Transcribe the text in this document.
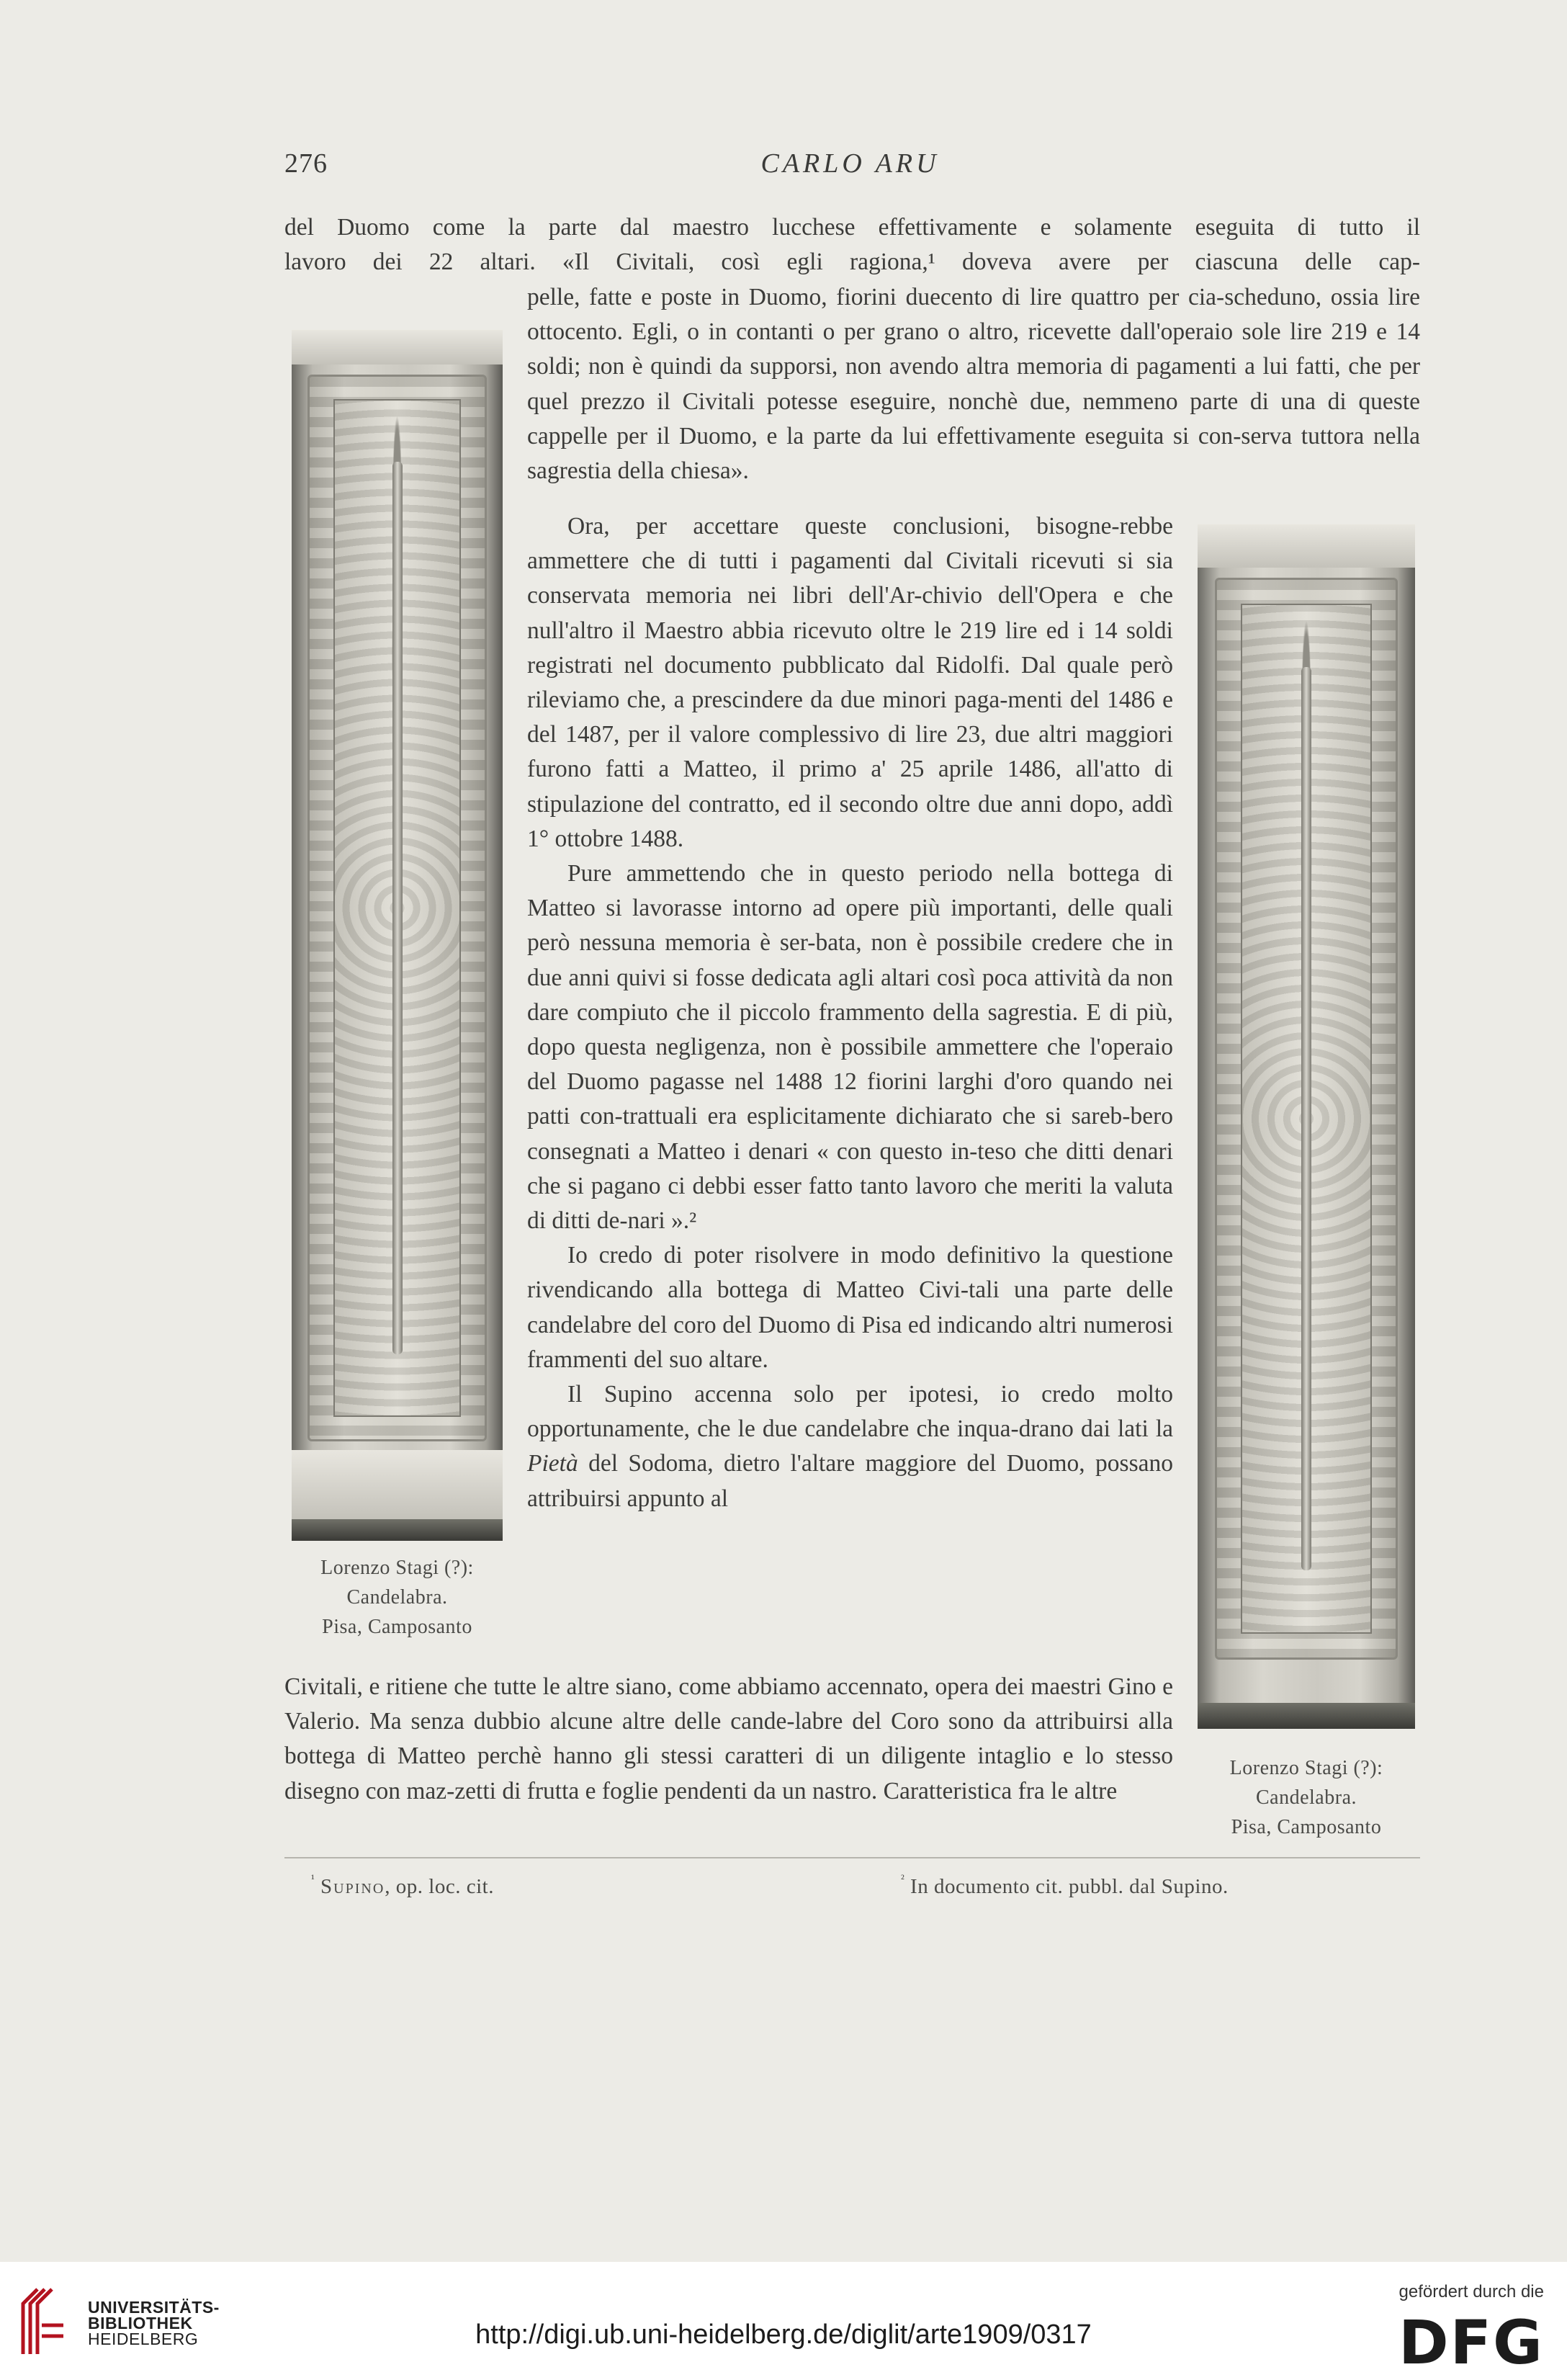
276	CARLO ARU
del Duomo come la parte dal maestro lucchese effettivamente e solamente eseguita di tutto il
lavoro dei 22 altari. «Il Civitali, così egli ragiona,¹ doveva avere per ciascuna delle cap-

pelle, fatte e poste in Duomo, fiorini duecento di lire quattro per cia-scheduno, ossia lire ottocento. Egli, o in contanti o per grano o altro, ricevette dall'operaio sole lire 219 e 14 soldi; non è quindi da supporsi, non avendo altra memoria di pagamenti a lui fatti, che per quel prezzo il Civitali potesse eseguire, nonchè due, nemmeno parte di una di queste cappelle per il Duomo, e la parte da lui effettivamente eseguita si con-serva tuttora nella sagrestia della chiesa».

Ora, per accettare queste conclusioni, bisogne-rebbe ammettere che di tutti i pagamenti dal Civitali ricevuti si sia conservata memoria nei libri dell'Ar-chivio dell'Opera e che null'altro il Maestro abbia ricevuto oltre le 219 lire ed i 14 soldi registrati nel documento pubblicato dal Ridolfi. Dal quale però rileviamo che, a prescindere da due minori paga-menti del 1486 e del 1487, per il valore complessivo di lire 23, due altri maggiori furono fatti a Matteo, il primo a' 25 aprile 1486, all'atto di stipulazione del contratto, ed il secondo oltre due anni dopo, addì 1° ottobre 1488.

Pure ammettendo che in questo periodo nella bottega di Matteo si lavorasse intorno ad opere più importanti, delle quali però nessuna memoria è ser-bata, non è possibile credere che in due anni quivi si fosse dedicata agli altari così poca attività da non dare compiuto che il piccolo frammento della sagrestia. E di più, dopo questa negligenza, non è possibile ammettere che l'operaio del Duomo pagasse nel 1488 12 fiorini larghi d'oro quando nei patti con-trattuali era esplicitamente dichiarato che si sareb-bero consegnati a Matteo i denari « con questo in-teso che ditti denari che si pagano ci debbi esser fatto tanto lavoro che meriti la valuta di ditti de-nari ».²

Io credo di poter risolvere in modo definitivo la questione rivendicando alla bottega di Matteo Civi-tali una parte delle candelabre del coro del Duomo di Pisa ed indicando altri numerosi frammenti del suo altare.

Il Supino accenna solo per ipotesi, io credo molto opportunamente, che le due candelabre che inqua-drano dai lati la Pietà del Sodoma, dietro l'altare maggiore del Duomo, possano attribuirsi appunto al

Lorenzo Stagi (?):
Candelabra.
Pisa, Camposanto

Civitali, e ritiene che tutte le altre siano, come abbiamo accennato, opera dei maestri Gino e Valerio. Ma senza dubbio alcune altre delle cande-labre del Coro sono da attribuirsi alla bottega di Matteo perchè hanno gli stessi caratteri di un diligente intaglio e lo stesso disegno con maz-zetti di frutta e foglie pendenti da un nastro. Caratteristica fra le altre

Lorenzo Stagi (?):
Candelabra.
Pisa, Camposanto
$^{^1}$ Supino, op. loc. cit.	$^{^2}$ In documento cit. pubbl. dal Supino.
UNIVERSITÄTS-
BIBLIOTHEK
HEIDELBERG	http://digi.ub.uni-heidelberg.de/diglit/arte1909/0317
gefördert durch die
DFG
